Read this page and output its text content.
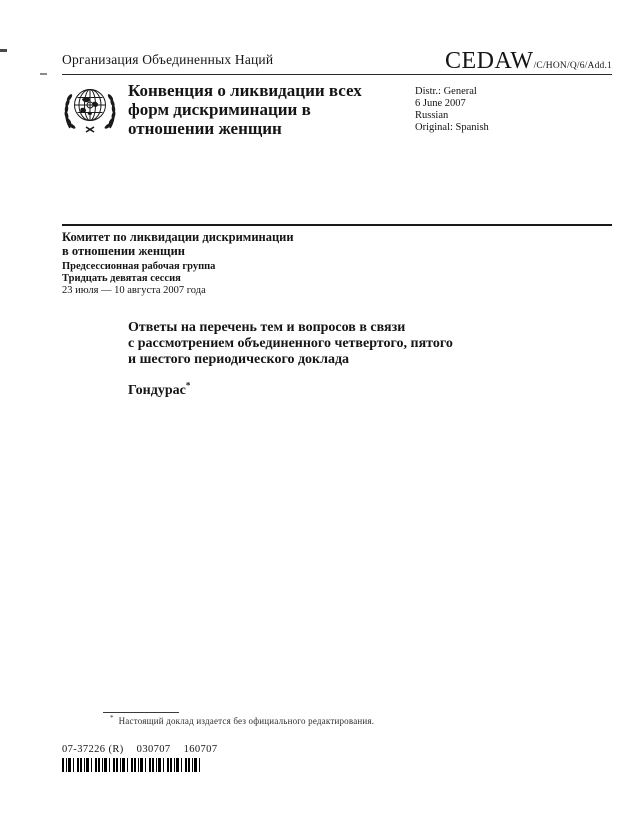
Организация Объединенных Наций	CEDAW /C/HON/Q/6/Add.1
Конвенция о ликвидации всех
форм дискриминации в
отношении женщин
Distr.: General
6 June 2007
Russian
Original: Spanish
Комитет по ликвидации дискриминации
в отношении женщин
Предсессионная рабочая группа
Тридцать девятая сессия
23 июля — 10 августа 2007 года
Ответы на перечень тем и вопросов в связи
с рассмотрением объединенного четвертого, пятого
и шестого периодического доклада
Гондурас*
* Настоящий доклад издается без официального редактирования.
07-37226 (R) 030707 160707
